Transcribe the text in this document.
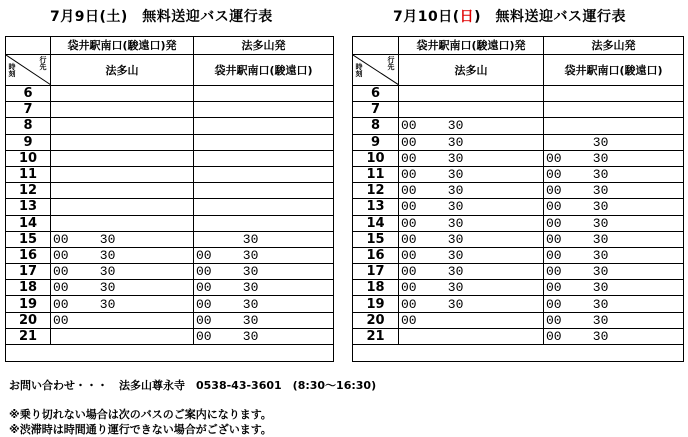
7月9日(土)　無料送迎バス運行表	7月10日(日)　無料送迎バス運行表
	袋井駅南口(駿遠口)発	法多山発

行先
時刻	法多山	袋井駅南口(駿遠口)
6		
7		
8		
9		
10		
11		
12		
13		
14		
15	00    30	30
16	00    30	00    30
17	00    30	00    30
18	00    30	00    30
19	00    30	00    30
20	00	00    30
21		00    30

	袋井駅南口(駿遠口)発	法多山発

行先
時刻	法多山	袋井駅南口(駿遠口)
6		
7		
8	00    30	
9	00    30	30
10	00    30	00    30
11	00    30	00    30
12	00    30	00    30
13	00    30	00    30
14	00    30	00    30
15	00    30	00    30
16	00    30	00    30
17	00    30	00    30
18	00    30	00    30
19	00    30	00    30
20	00	00    30
21		00    30

お問い合わせ・・・　法多山尊永寺　0538-43-3601　(8:30〜16:30)
※乗り切れない場合は次のバスのご案内になります。
※渋滞時は時間通り運行できない場合がございます。
